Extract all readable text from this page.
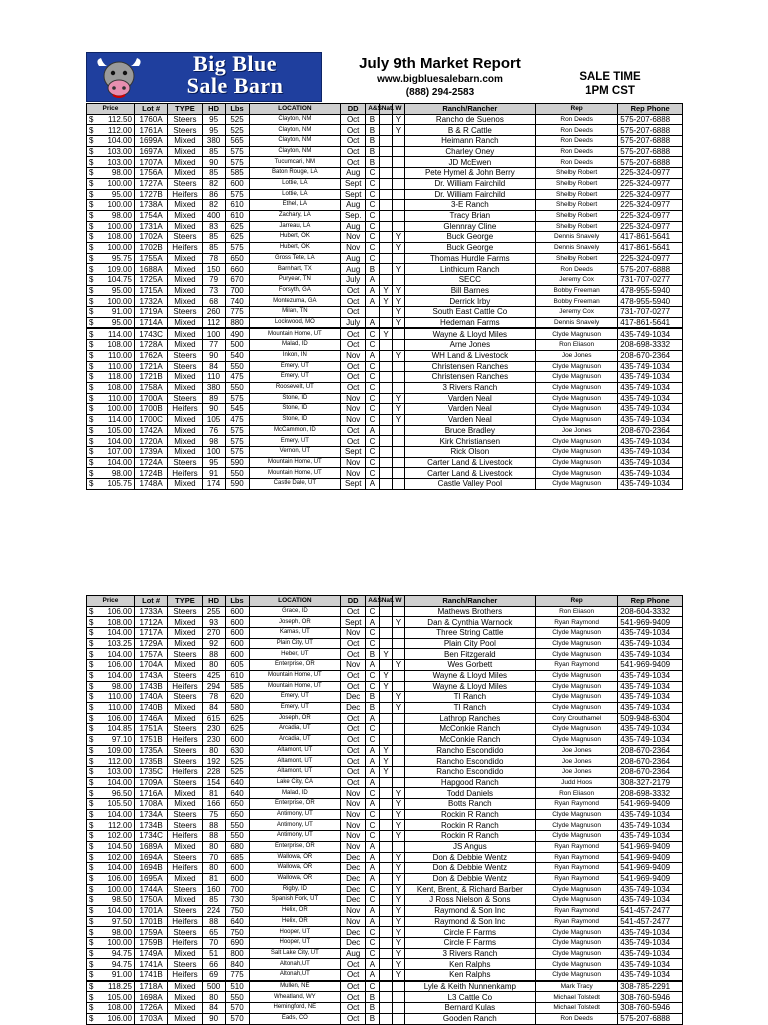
Big Blue
Sale Barn
July 9th Market Report
www.bigbluesalebarn.com
(888) 294-2583
SALE TIME
1PM CST
Price	Lot #	TYPE	HD	Lbs	LOCATION	DD	A&S	Nat.	W	Ranch/Rancher	Rep	Rep Phone

$ 112.50	1760A	Steers	95	525	Clayton, NM	Oct	B		Y	Rancho de Suenos	Ron Deeds	575-207-6888

$ 112.00	1761A	Steers	95	525	Clayton, NM	Oct	B		Y	B & R Cattle	Ron Deeds	575-207-6888

$ 104.00	1699A	Mixed	380	565	Clayton, NM	Oct	B			Heimann Ranch	Ron Deeds	575-207-6888

$ 103.00	1697A	Mixed	85	575	Clayton, NM	Oct	B			Charley Oney	Ron Deeds	575-207-6888

$ 103.00	1707A	Mixed	90	575	Tucumcari, NM	Oct	B			JD McEwen	Ron Deeds	575-207-6888

$ 98.00	1756A	Mixed	85	585	Baton Rouge, LA	Aug	C			Pete Hymel & John Berry	Shelby Robert	225-324-0977

$ 100.00	1727A	Steers	82	600	Lottie, LA	Sept	C			Dr. William Fairchild	Shelby Robert	225-324-0977

$ 95.00	1727B	Heifers	86	575	Lottie, LA	Sept	C			Dr. William Fairchild	Shelby Robert	225-324-0977

$ 100.00	1738A	Mixed	82	610	Ethel, LA	Aug	C			3-E Ranch	Shelby Robert	225-324-0977

$ 98.00	1754A	Mixed	400	610	Zachary, LA	Sep.	C			Tracy Brian	Shelby Robert	225-324-0977

$ 100.00	1731A	Mixed	83	625	Jarreau, LA	Aug	C			Glennray Cline	Shelby Robert	225-324-0977

$ 108.00	1702A	Steers	85	625	Hubert, OK	Nov	C		Y	Buck George	Dennis Snavely	417-861-5641

$ 100.00	1702B	Heifers	85	575	Hubert, OK	Nov	C		Y	Buck George	Dennis Snavely	417-861-5641

$ 95.75	1755A	Mixed	78	650	Gross Tete, LA	Aug	C			Thomas Hurdle Farms	Shelby Robert	225-324-0977

$ 109.00	1688A	Mixed	150	660	Barnhart, TX	Aug	B		Y	Linthicum Ranch	Ron Deeds	575-207-6888

$ 104.75	1725A	Mixed	79	670	Puryear, TN	July	A			SECC	Jeremy Cox	731-707-0277

$ 95.00	1715A	Mixed	73	700	Forsyth, GA	Oct	A	Y	Y	Bill Barnes	Bobby Freeman	478-955-5940

$ 100.00	1732A	Mixed	68	740	Montezuma, GA	Oct	A	Y	Y	Derrick Irby	Bobby Freeman	478-955-5940

$ 91.00	1719A	Steers	260	775	Milan, TN	Oct			Y	South East Cattle Co	Jeremy Cox	731-707-0277

$ 95.00	1714A	Mixed	112	880	Lockwood, MO	July	A		Y	Hedeman Farms	Dennis Snavely	417-861-5641

$ 114.00	1743C	Mixed	100	490	Mountain Home, UT	Oct	C	Y		Wayne & Lloyd Miles	Clyde Magnuson	435-749-1034

$ 108.00	1728A	Mixed	77	500	Malad, ID	Oct	C			Arne Jones	Ron Eliason	208-698-3332

$ 110.00	1762A	Steers	90	540	Inkon, IN	Nov	A		Y	WH Land & Livestock	Joe Jones	208-670-2364

$ 110.00	1721A	Steers	84	550	Emery, UT	Oct	C			Christensen Ranches	Clyde Magnuson	435-749-1034

$ 118.00	1721B	Mixed	110	475	Emery, UT	Oct	C			Christensen Ranches	Clyde Magnuson	435-749-1034

$ 108.00	1758A	Mixed	380	550	Roosevelt, UT	Oct	C			3 Rivers Ranch	Clyde Magnuson	435-749-1034

$ 110.00	1700A	Steers	89	575	Stone, ID	Nov	C		Y	Varden Neal	Clyde Magnuson	435-749-1034

$ 100.00	1700B	Heifers	90	545	Stone, ID	Nov	C		Y	Varden Neal	Clyde Magnuson	435-749-1034

$ 114.00	1700C	Mixed	105	475	Stone, ID	Nov	C		Y	Varden Neal	Clyde Magnuson	435-749-1034

$ 105.00	1742A	Mixed	76	575	McCammon, ID	Oct	A			Bruce Bradley	Joe Jones	208-670-2364

$ 104.00	1720A	Mixed	98	575	Emery, UT	Oct	C			Kirk Christiansen	Clyde Magnuson	435-749-1034

$ 107.00	1739A	Mixed	100	575	Vernon, UT	Sept	C			Rick Olson	Clyde Magnuson	435-749-1034

$ 104.00	1724A	Steers	95	590	Mountain Home, UT	Nov	C			Carter Land & Livestock	Clyde Magnuson	435-749-1034

$ 98.00	1724B	Heifers	91	550	Mountain Home, UT	Nov	C			Carter Land & Livestock	Clyde Magnuson	435-749-1034

$ 105.75	1748A	Mixed	174	590	Castle Dale, UT	Sept	A			Castle Valley Pool	Clyde Magnuson	435-749-1034
Price	Lot #	TYPE	HD	Lbs	LOCATION	DD	A&S	Nat.	W	Ranch/Rancher	Rep	Rep Phone

$ 106.00	1733A	Steers	255	600	Grace, ID	Oct	C			Mathews Brothers	Ron Eliason	208-604-3332

$ 108.00	1712A	Mixed	93	600	Joseph, OR	Sept	A		Y	Dan & Cynthia Warnock	Ryan Raymond	541-969-9409

$ 104.00	1717A	Mixed	270	600	Kamas, UT	Nov	C			Three String Cattle	Clyde Magnuson	435-749-1034

$ 103.25	1729A	Mixed	92	600	Plain City, UT	Oct	C			Plain City Pool	Clyde Magnuson	435-749-1034

$ 104.00	1757A	Steers	88	600	Heber, UT	Oct	B	Y		Ben Fitzgerald	Clyde Magnuson	435-749-1034

$ 106.00	1704A	Mixed	80	605	Enterprise, OR	Nov	A		Y	Wes Gorbett	Ryan Raymond	541-969-9409

$ 104.00	1743A	Steers	425	610	Mountain Home, UT	Oct	C	Y		Wayne & Lloyd Miles	Clyde Magnuson	435-749-1034

$ 98.00	1743B	Heifers	294	585	Mountain Home, UT	Oct	C	Y		Wayne & Lloyd Miles	Clyde Magnuson	435-749-1034

$ 110.00	1740A	Steers	78	620	Emery, UT	Dec	B		Y	TI Ranch	Clyde Magnuson	435-749-1034

$ 110.00	1740B	Mixed	84	580	Emery, UT	Dec	B		Y	TI Ranch	Clyde Magnuson	435-749-1034

$ 106.00	1746A	Mixed	615	625	Joseph, OR	Oct	A			Lathrop Ranches	Cory Crouthamel	509-948-6304

$ 104.85	1751A	Steers	230	625	Arcadia, UT	Oct	C			McConkie Ranch	Clyde Magnuson	435-749-1034

$ 97.10	1751B	Heifers	230	600	Arcadia, UT	Oct	C			McConkie Ranch	Clyde Magnuson	435-749-1034

$ 109.00	1735A	Steers	80	630	Altamont, UT	Oct	A	Y		Rancho Escondido	Joe Jones	208-670-2364

$ 112.00	1735B	Steers	192	525	Altamont, UT	Oct	A	Y		Rancho Escondido	Joe Jones	208-670-2364

$ 103.00	1735C	Heifers	228	525	Altamont, UT	Oct	A	Y		Rancho Escondido	Joe Jones	208-670-2364

$ 104.00	1709A	Steers	154	640	Lake City, CA	Oct	A			Hapgood Ranch	Judd Hoos	308-327-2179

$ 96.50	1716A	Mixed	81	640	Malad, ID	Nov	C		Y	Todd Daniels	Ron Eliason	208-698-3332

$ 105.50	1708A	Mixed	166	650	Enterprise, OR	Nov	A		Y	Botts Ranch	Ryan Raymond	541-969-9409

$ 104.00	1734A	Steers	75	650	Antimony, UT	Nov	C		Y	Rockin R Ranch	Clyde Magnuson	435-749-1034

$ 112.00	1734B	Steers	88	550	Antimony, UT	Nov	C		Y	Rockin R Ranch	Clyde Magnuson	435-749-1034

$ 102.00	1734C	Heifers	88	550	Antimony, UT	Nov	C		Y	Rockin R Ranch	Clyde Magnuson	435-749-1034

$ 104.50	1689A	Mixed	80	680	Enterprise, OR	Nov	A			JS Angus	Ryan Raymond	541-969-9409

$ 102.00	1694A	Steers	70	685	Wallowa, OR	Dec	A		Y	Don & Debbie Wentz	Ryan Raymond	541-969-9409

$ 104.00	1694B	Heifers	80	600	Wallowa, OR	Dec	A		Y	Don & Debbie Wentz	Ryan Raymond	541-969-9409

$ 106.00	1695A	Mixed	81	600	Wallowa, OR	Dec	A		Y	Don & Debbie Wentz	Ryan Raymond	541-969-9409

$ 100.00	1744A	Steers	160	700	Rigby, ID	Dec	C		Y	Kent, Brent, & Richard Barber	Clyde Magnuson	435-749-1034

$ 98.50	1750A	Mixed	85	730	Spanish Fork, UT	Dec	C		Y	J Ross Nielson & Sons	Clyde Magnuson	435-749-1034

$ 104.00	1701A	Steers	224	750	Helix, OR	Nov	A		Y	Raymond & Son Inc	Ryan Raymond	541-457-2477

$ 97.50	1701B	Heifers	88	640	Helix, OR	Nov	A		Y	Raymond & Son Inc	Ryan Raymond	541-457-2477

$ 98.00	1759A	Steers	65	750	Hooper, UT	Dec	C		Y	Circle F Farms	Clyde Magnuson	435-749-1034

$ 100.00	1759B	Heifers	70	690	Hooper, UT	Dec	C		Y	Circle F Farms	Clyde Magnuson	435-749-1034

$ 94.75	1749A	Mixed	51	800	Salt Lake City, UT	Aug	C		Y	3 Rivers Ranch	Clyde Magnuson	435-749-1034

$ 94.75	1741A	Steers	66	840	Altonah,UT	Oct	A		Y	Ken Ralphs	Clyde Magnuson	435-749-1034

$ 91.00	1741B	Heifers	69	775	Altonah,UT	Oct	A		Y	Ken Ralphs	Clyde Magnuson	435-749-1034

$ 118.25	1718A	Mixed	500	510	Mullen, NE	Oct	C			Lyle & Keith Nunnenkamp	Mark Tracy	308-785-2291

$ 105.00	1698A	Mixed	80	550	Wheatland, WY	Oct	B			L3 Cattle Co	Michael Tolstedt	308-760-5946

$ 108.00	1726A	Mixed	84	570	Hemingford, NE	Oct	B			Bernard Kulas	Michael Tolstedt	308-760-5946

$ 106.00	1703A	Mixed	90	570	Eads, CO	Oct	B			Gooden Ranch	Ron Deeds	575-207-6888
